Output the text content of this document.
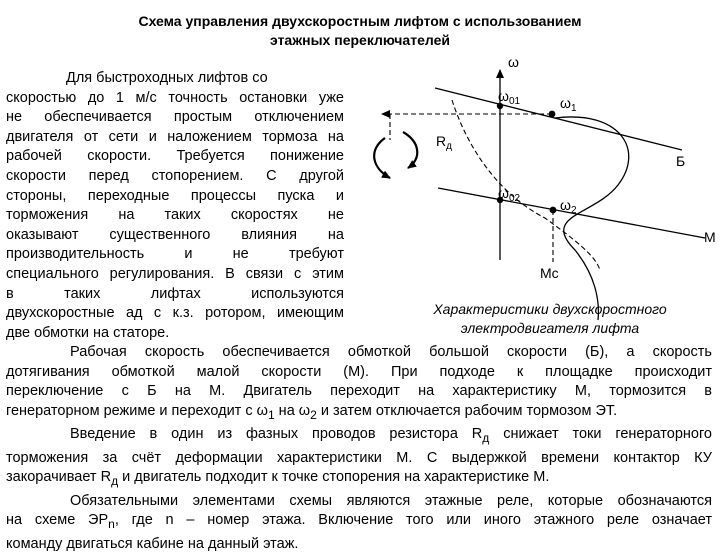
Схема управления двухскоростным лифтом с использованием
этажных переключателей
Для быстроходных лифтов со
скоростью до 1 м/с точность остановки уже
не обеспечивается простым отключением
двигателя от сети и наложением тормоза на
рабочей скорости. Требуется понижение
скорости перед стопорением. С другой
стороны, переходные процессы пуска и
торможения на таких скоростях не
оказывают существенного влияния на
производительность и не требуют
специального регулирования. В связи с этим
в таких лифтах используются
двухскоростные ад с к.з. ротором, имеющим
две обмотки на статоре.
ω
$\omega_{01}$	$\omega_1$
$\omega_{02}$	$\omega_2$
$R_д$
Б
M
Mс
Характеристики двухскоростного
электродвигателя лифта
Рабочая скорость обеспечивается обмоткой большой скорости (Б), а скорость
дотягивания обмоткой малой скорости (М). При подходе к площадке происходит
переключение с Б на М. Двигатель переходит на характеристику М, тормозится в
генераторном режиме и переходит с $\omega_1$ на $\omega_2$ и затем отключается рабочим тормозом ЭТ.
Введение в один из фазных проводов резистора $R_д$ снижает токи генераторного
торможения за счёт деформации характеристики М. С выдержкой времени контактор КУ
закорачивает $R_д$ и двигатель подходит к точке стопорения на характеристике М.
Обязательными элементами схемы являются этажные реле, которые обозначаются
на схеме $ЭР_n$, где n – номер этажа. Включение того или иного этажного реле означает
команду двигаться кабине на данный этаж.
